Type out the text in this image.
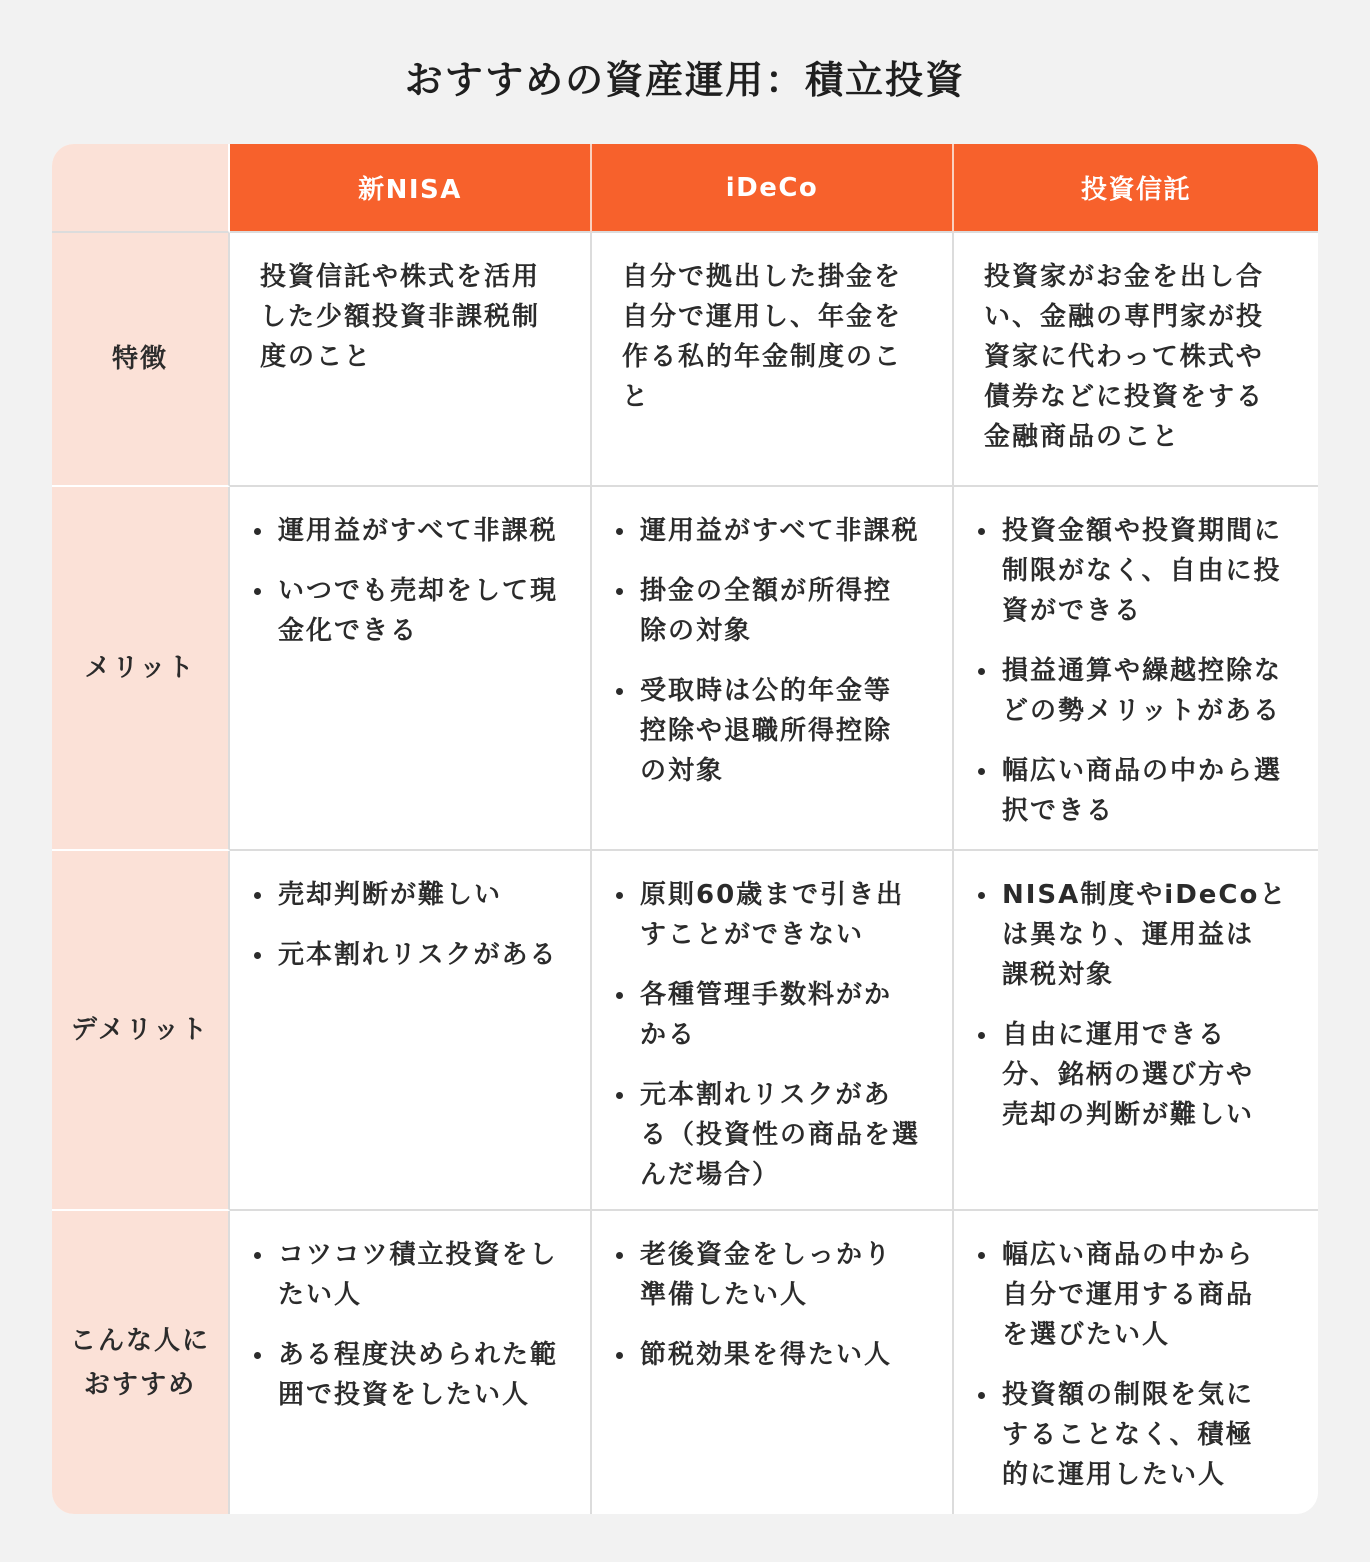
おすすめの資産運用：積立投資
新NISA	iDeCo	投資信託
特徴

投資信託や株式を活用
した少額投資非課税制
度のこと

自分で拠出した掛金を
自分で運用し、年金を
作る私的年金制度のこ
と

投資家がお金を出し合
い、金融の専門家が投
資家に代わって株式や
債券などに投資をする
金融商品のこと

メリット
運用益がすべて非課税
いつでも売却をして現
金化できる
運用益がすべて非課税
掛金の全額が所得控
除の対象
受取時は公的年金等
控除や退職所得控除
の対象
投資金額や投資期間に
制限がなく、自由に投
資ができる
損益通算や繰越控除な
どの勢メリットがある
幅広い商品の中から選
択できる
デメリット
売却判断が難しい
元本割れリスクがある
原則60歳まで引き出
すことができない
各種管理手数料がか
かる
元本割れリスクがあ
る（投資性の商品を選
んだ場合）
NISA制度やiDeCoと
は異なり、運用益は
課税対象
自由に運用できる
分、銘柄の選び方や
売却の判断が難しい
こんな人に
おすすめ
コツコツ積立投資をし
たい人
ある程度決められた範
囲で投資をしたい人
老後資金をしっかり
準備したい人
節税効果を得たい人
幅広い商品の中から
自分で運用する商品
を選びたい人
投資額の制限を気に
することなく、積極
的に運用したい人
